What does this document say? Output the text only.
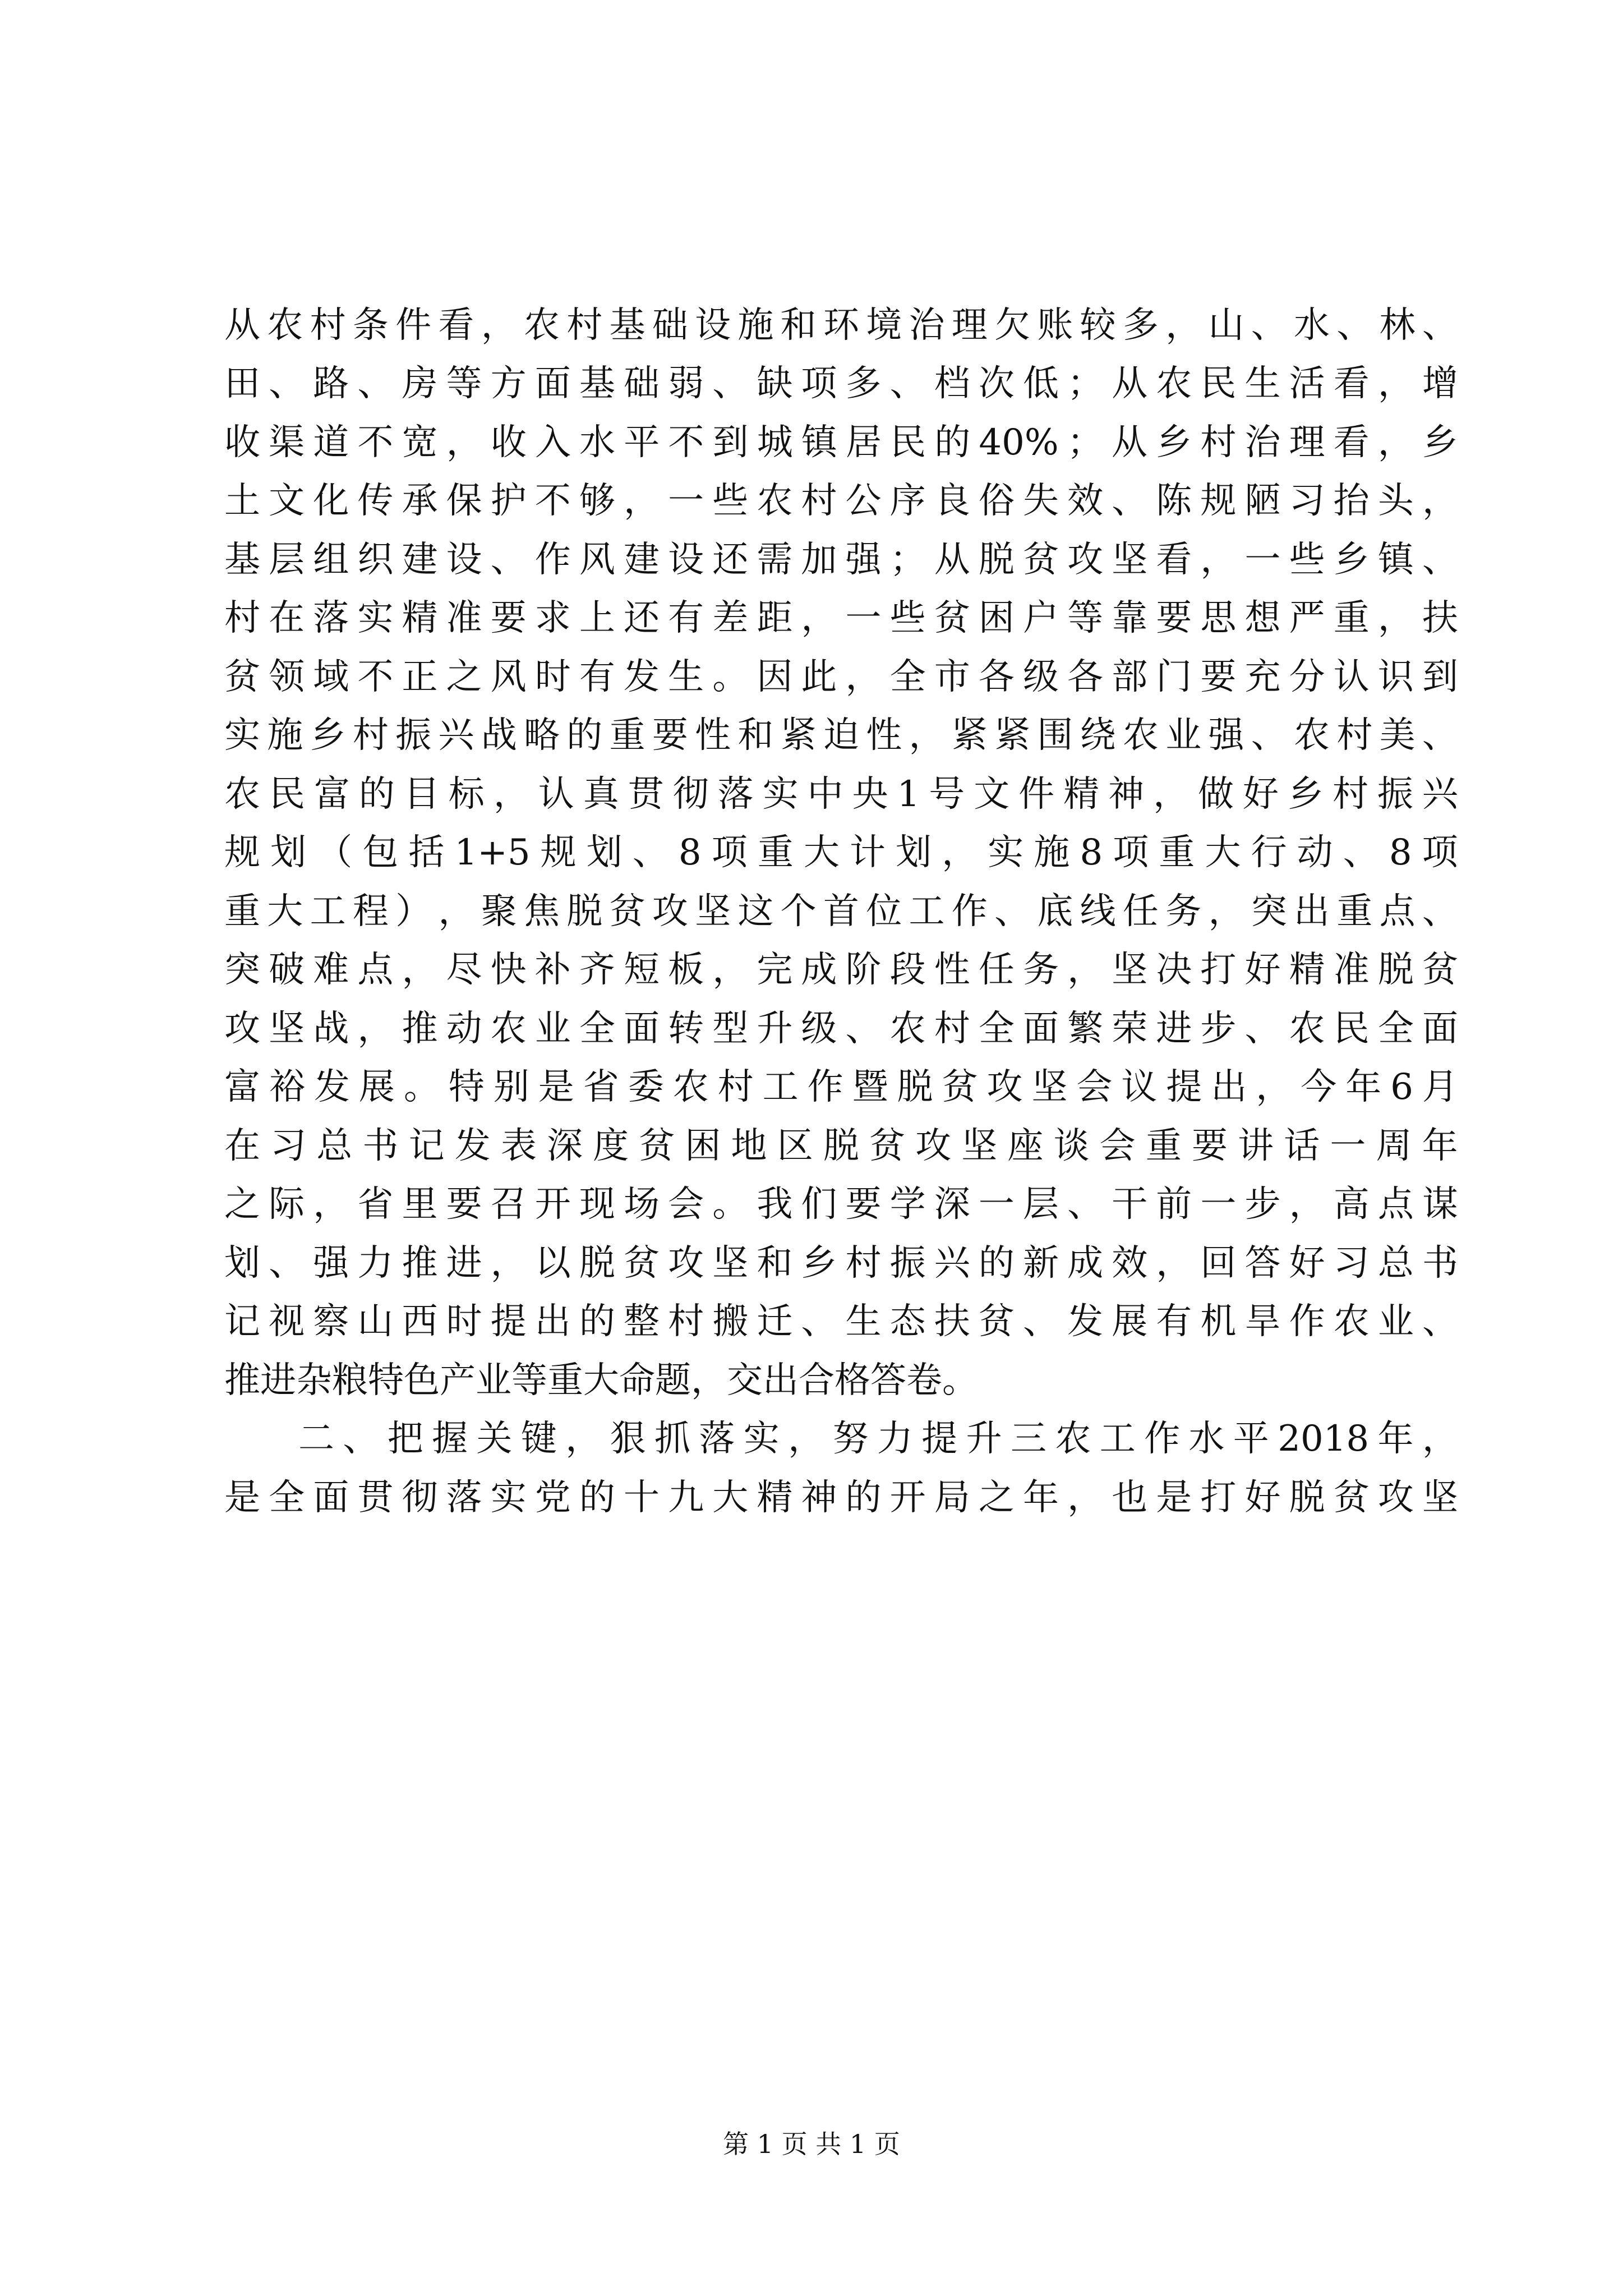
从 农 村 条 件 看 ， 农 村 基 础 设 施 和 环 境 治 理 欠 账 较 多 ， 山 、 水 、 林 、
田 、 路 、 房 等 方 面 基 础 弱 、 缺 项 多 、 档 次 低 ； 从 农 民 生 活 看 ， 增
收 渠 道 不 宽 ， 收 入 水 平 不 到 城 镇 居 民 的 40% ； 从 乡 村 治 理 看 ， 乡
土 文 化 传 承 保 护 不 够 ， 一 些 农 村 公 序 良 俗 失 效 、 陈 规 陋 习 抬 头 ，
基 层 组 织 建 设 、 作 风 建 设 还 需 加 强 ； 从 脱 贫 攻 坚 看 ， 一 些 乡 镇 、
村 在 落 实 精 准 要 求 上 还 有 差 距 ， 一 些 贫 困 户 等 靠 要 思 想 严 重 ， 扶
贫 领 域 不 正 之 风 时 有 发 生 。 因 此 ， 全 市 各 级 各 部 门 要 充 分 认 识 到
实 施 乡 村 振 兴 战 略 的 重 要 性 和 紧 迫 性 ， 紧 紧 围 绕 农 业 强 、 农 村 美 、
农 民 富 的 目 标 ， 认 真 贯 彻 落 实 中 央 1 号 文 件 精 神 ， 做 好 乡 村 振 兴
规 划 （ 包 括 1+5 规 划 、 8 项 重 大 计 划 ， 实 施 8 项 重 大 行 动 、 8 项
重 大 工 程 ） ， 聚 焦 脱 贫 攻 坚 这 个 首 位 工 作 、 底 线 任 务 ， 突 出 重 点 、
突 破 难 点 ， 尽 快 补 齐 短 板 ， 完 成 阶 段 性 任 务 ， 坚 决 打 好 精 准 脱 贫
攻 坚 战 ， 推 动 农 业 全 面 转 型 升 级 、 农 村 全 面 繁 荣 进 步 、 农 民 全 面
富 裕 发 展 。 特 别 是 省 委 农 村 工 作 暨 脱 贫 攻 坚 会 议 提 出 ， 今 年 6 月
在 习 总 书 记 发 表 深 度 贫 困 地 区 脱 贫 攻 坚 座 谈 会 重 要 讲 话 一 周 年
之 际 ， 省 里 要 召 开 现 场 会 。 我 们 要 学 深 一 层 、 干 前 一 步 ， 高 点 谋
划 、 强 力 推 进 ， 以 脱 贫 攻 坚 和 乡 村 振 兴 的 新 成 效 ， 回 答 好 习 总 书
记 视 察 山 西 时 提 出 的 整 村 搬 迁 、 生 态 扶 贫 、 发 展 有 机 旱 作 农 业 、
推进杂粮特色产业等重大命题，交出合格答卷。
二 、 把 握 关 键 ， 狠 抓 落 实 ， 努 力 提 升 三 农 工 作 水 平 2018 年 ，
是 全 面 贯 彻 落 实 党 的 十 九 大 精 神 的 开 局 之 年 ， 也 是 打 好 脱 贫 攻 坚
第 1 页 共 1 页
